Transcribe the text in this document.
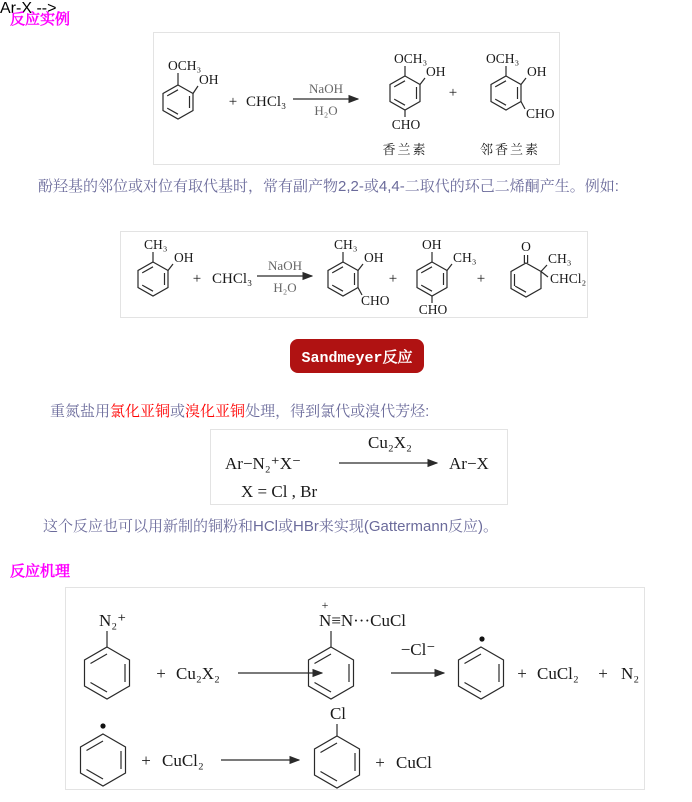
反应实例
OCH₃
OH
+ CHCl₃
NaOH
H₂O
OCH₃
OH
CHO
香兰素
+
OCH₃
OH
CHO
邻香兰素

酚羟基的邻位或对位有取代基时，常有副产物2,2-或4,4-二取代的环己二烯酮产生。例如:

CH₃
OH
+ CHCl₃
NaOH
H₂O
CH₃
OH
CHO
+
OH
CH₃
CHO
+
O
CH₃
CHCl₂
Sandmeyer反应

重氮盐用氯化亚铜或溴化亚铜处理，得到氯代或溴代芳烃:

Ar-X -->
Ar−N₂⁺X⁻
Cu₂X₂
Ar−X
X = Cl , Br

这个反应也可以用新制的铜粉和HCl或HBr来实现(Gattermann反应)。

反应机理
N₂⁺
+ Cu₂X₂
N≡N···CuCl
+
−Cl⁻
+ CuCl₂ + N₂
+ CuCl₂
Cl
+ CuCl
